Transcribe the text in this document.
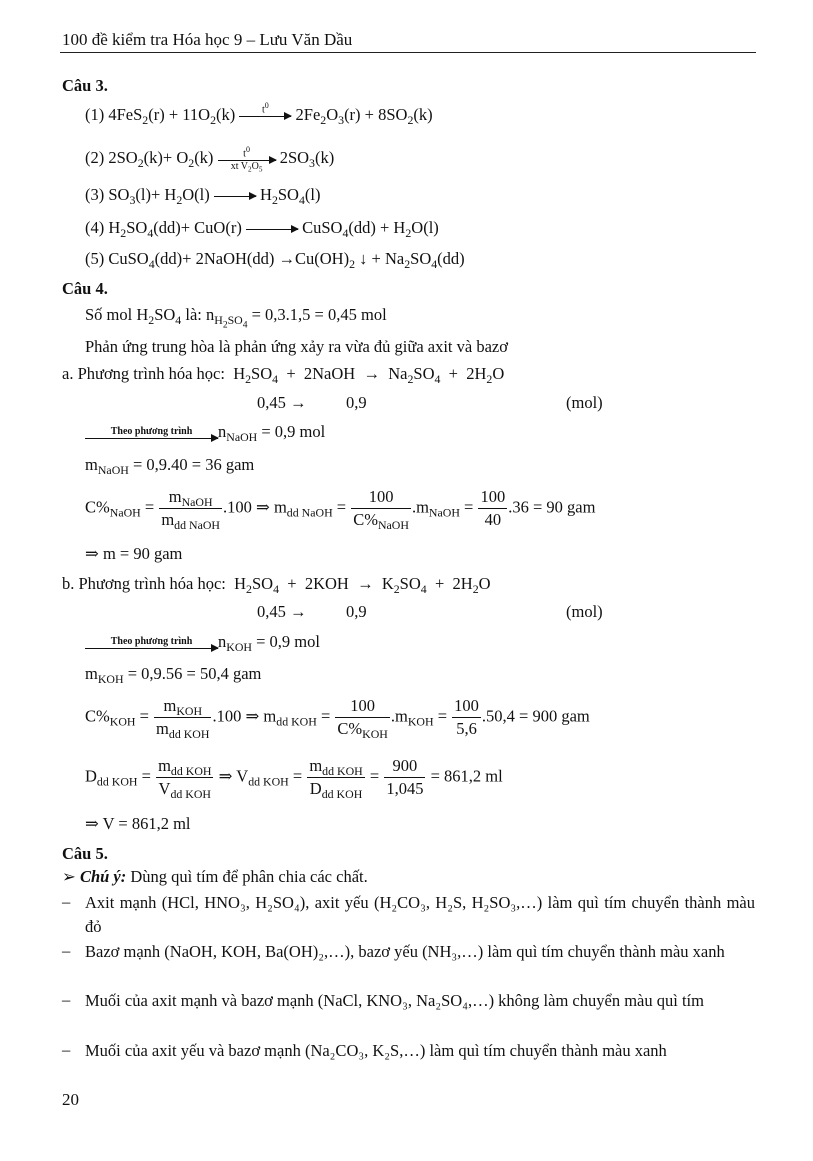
100 đề kiểm tra Hóa học 9 – Lưu Văn Dầu
Câu 3.
(1) $4FeS_2(r) + 11O_2(k)$	$t^0$	$2Fe_2O_3(r) + 8SO_2(k)$
(2) $2SO_2(k)+ O_2(k) \frac{t^0}{xt V_2O_5} 2SO_3(k)$
(3) $SO_3(l)+ H_2O(l) \to H_2SO_4(l)$
(4) $H_2SO_4(dd)+ CuO(r)$ → CuSO$_4$(dd) + $H_2O(l)$
(5) CuSO$_4$(dd)+ 2NaOH(dd) $\to Cu(OH)_2$ ↓ + $Na_2SO_4(dd)$
Câu 4.
Số mol $H_2SO_4$ là: $n_{H_2SO_4} = 0,3.1,5 = 0,45$ mol
Phản ứng trung hòa là phản ứng xảy ra vừa đủ giữa axit và bazơ
a. Phương trình hóa học: $H_2SO_4$  +  2NaOH  →  $Na_2SO_4 + 2H_2O$
0,45 → 0,9	(mol)
Theo phương trình	$n_{NaOH} = 0,9$ mol
$m_{NaOH} = 0,9.40 = 36$ gam
$C\%_{NaOH} = \frac{m_{NaOH}}{m_{dd NaOH}} .100$ ⇒ $m_{dd NaOH} = \frac{100}{C\%_{NaOH}} .m_{NaOH} = \frac{100}{40} .36 = 90$ gam
⇒ m = 90 gam
b. Phương trình hóa học: $H_2SO_4 + 2KOH \to K_2SO_4 + 2H_2O$
0,45 → 0,9	(mol)
Theo phương trình	$n_{KOH} = 0,9$ mol
$m_{KOH} = 0,9.56 = 50,4$ gam
$C\%_{KOH} = \frac{m_{KOH}}{m_{dd KOH}} .100$ ⇒ $m_{dd KOH} = \frac{100}{C\%_{KOH}} .m_{KOH} = \frac{100}{5,6} .50,4 = 900$ gam
$D_{dd KOH} = \frac{m_{dd KOH}}{V_{dd KOH}}$ ⇒ $V_{dd KOH} = \frac{m_{dd KOH}}{D_{dd KOH}} = \frac{900}{1,045} = 861,2$ ml
⇒ V = 861,2 ml
Câu 5.
➢ Chú ý: Dùng quì tím để phân chia các chất.
– Axit mạnh (HCl, HNO₃, H₂SO₄), axit yếu (H₂CO₃, H₂S, H₂SO₃,…) làm quì tím chuyển thành màu đỏ
– Bazơ mạnh (NaOH, KOH, Ba(OH)₂,…), bazơ yếu (NH₃,…) làm quì tím chuyển thành màu xanh
– Muối của axit mạnh và bazơ mạnh (NaCl, KNO₃, Na₂SO₄,…) không làm chuyển màu quì tím
– Muối của axit yếu và bazơ mạnh (Na₂CO₃, K₂S,…) làm quì tím chuyển thành màu xanh
20
